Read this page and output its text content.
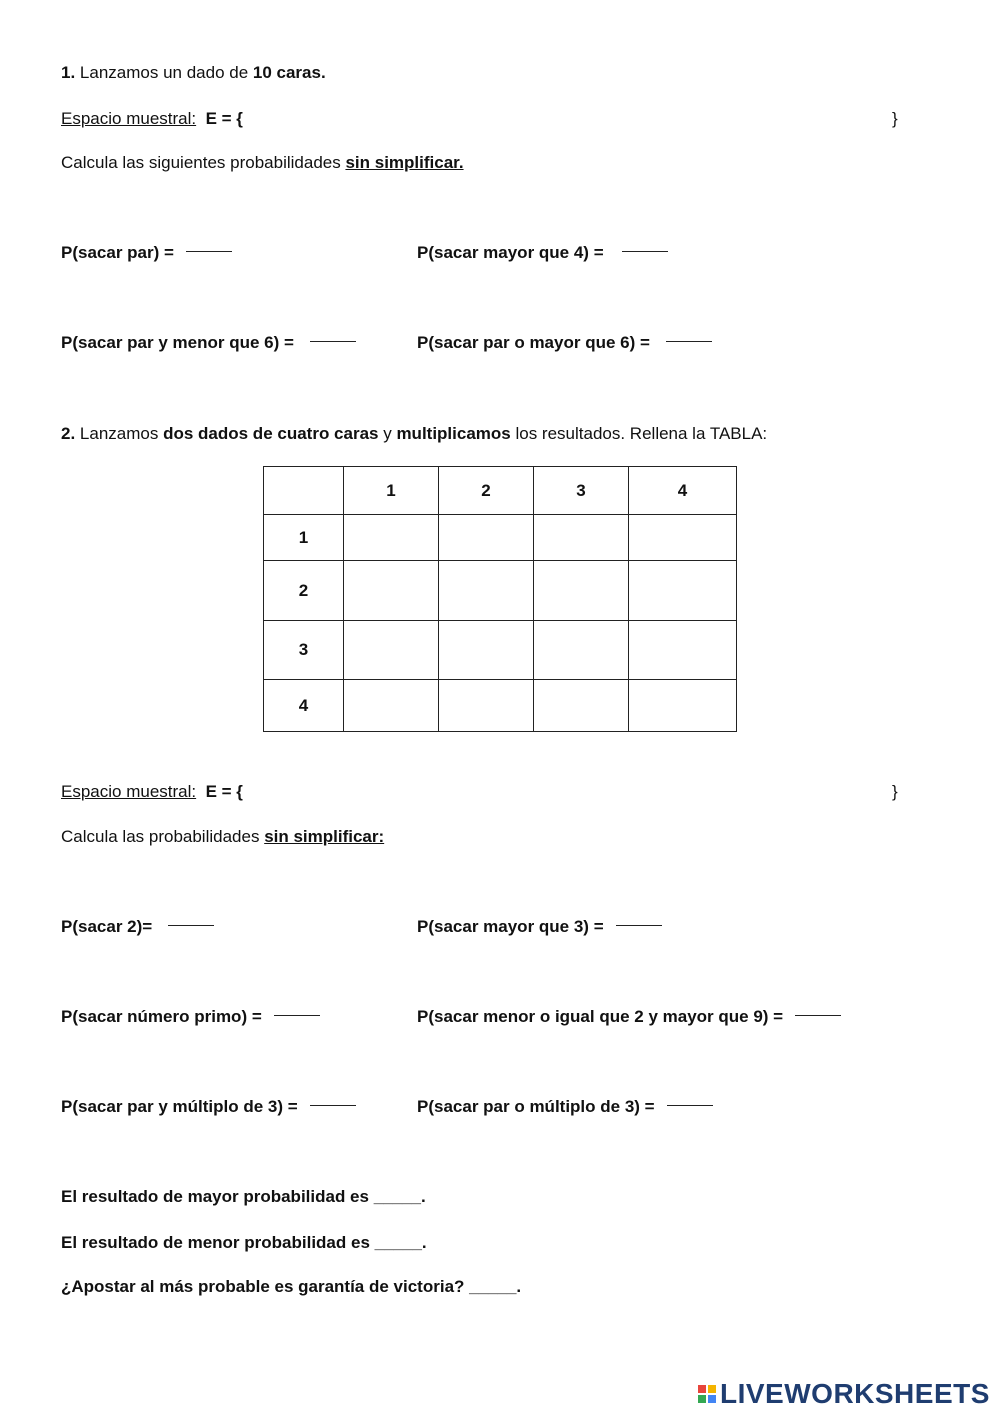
1. Lanzamos un dado de 10 caras.
Espacio muestral: E = {	}
Calcula las siguientes probabilidades sin simplificar.
P(sacar par) =	P(sacar mayor que 4) =
P(sacar par y menor que 6) =	P(sacar par o mayor que 6) =
2. Lanzamos dos dados de cuatro caras y multiplicamos los resultados. Rellena la TABLA:
	1	2	3	4
1				
2				
3				
4				
Espacio muestral: E = {	}
Calcula las probabilidades sin simplificar:
P(sacar 2)=	P(sacar mayor que 3) =
P(sacar número primo) =	P(sacar menor o igual que 2 y mayor que 9) =
P(sacar par y múltiplo de 3) =	P(sacar par o múltiplo de 3) =
El resultado de mayor probabilidad es _____.
El resultado de menor probabilidad es _____.
¿Apostar al más probable es garantía de victoria? _____.
LIVEWORKSHEETS
